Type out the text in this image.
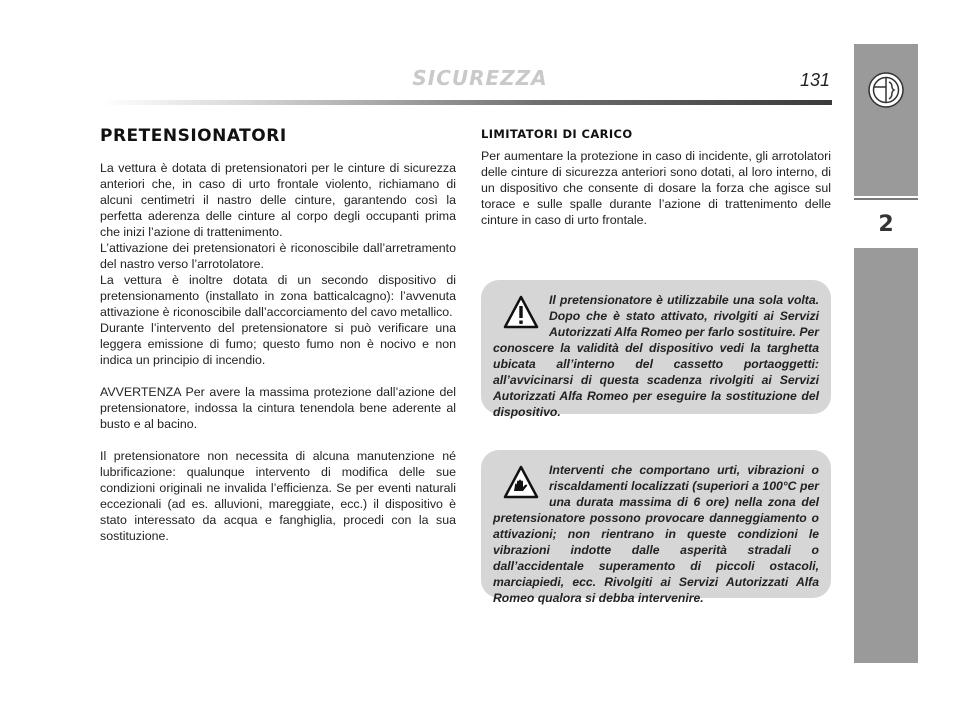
SICUREZZA	131
2
PRETENSIONATORI

La vettura è dotata di pretensionatori per le cinture di sicurezza anteriori che, in caso di urto frontale violento, richiamano di alcuni centimetri il nastro delle cinture, garantendo così la perfetta aderenza delle cinture al corpo degli occupanti prima che inizi l’azione di trattenimento.

L’attivazione dei pretensionatori è riconoscibile dall’arretramento del nastro verso l’arrotolatore.

La vettura è inoltre dotata di un secondo dispositivo di pretensionamento (installato in zona batticalcagno): l’avvenuta attivazione è riconoscibile dall’accorciamento del cavo metallico.

Durante l’intervento del pretensionatore si può verificare una leggera emissione di fumo; questo fumo non è nocivo e non indica un principio di incendio.

AVVERTENZA Per avere la massima protezione dall’azione del pretensionatore, indossa la cintura tenendola bene aderente al busto e al bacino.

Il pretensionatore non necessita di alcuna manutenzione né lubrificazione: qualunque intervento di modifica delle sue condizioni originali ne invalida l’efficienza. Se per eventi naturali eccezionali (ad es. alluvioni, mareggiate, ecc.) il dispositivo è stato interessato da acqua e fanghiglia, procedi con la sua sostituzione.

LIMITATORI DI CARICO

Per aumentare la protezione in caso di incidente, gli arrotolatori delle cinture di sicurezza anteriori sono dotati, al loro interno, di un dispositivo che consente di dosare la forza che agisce sul torace e sulle spalle durante l’azione di trattenimento delle cinture in caso di urto frontale.

Il pretensionatore è utilizzabile una sola volta. Dopo che è stato attivato, rivolgiti ai Servizi Autorizzati Alfa Romeo per farlo sostituire. Per conoscere la validità del dispositivo vedi la targhetta ubicata all’interno del cassetto portaoggetti: all’avvicinarsi di questa scadenza rivolgiti ai Servizi Autorizzati Alfa Romeo per eseguire la sostituzione del dispositivo.
Interventi che comportano urti, vibrazioni o riscaldamenti localizzati (superiori a 100°C per una durata massima di 6 ore) nella zona del pretensionatore possono provocare danneggiamento o attivazioni; non rientrano in queste condizioni le vibrazioni indotte dalle asperità stradali o dall’accidentale superamento di piccoli ostacoli, marciapiedi, ecc. Rivolgiti ai Servizi Autorizzati Alfa Romeo qualora si debba intervenire.
